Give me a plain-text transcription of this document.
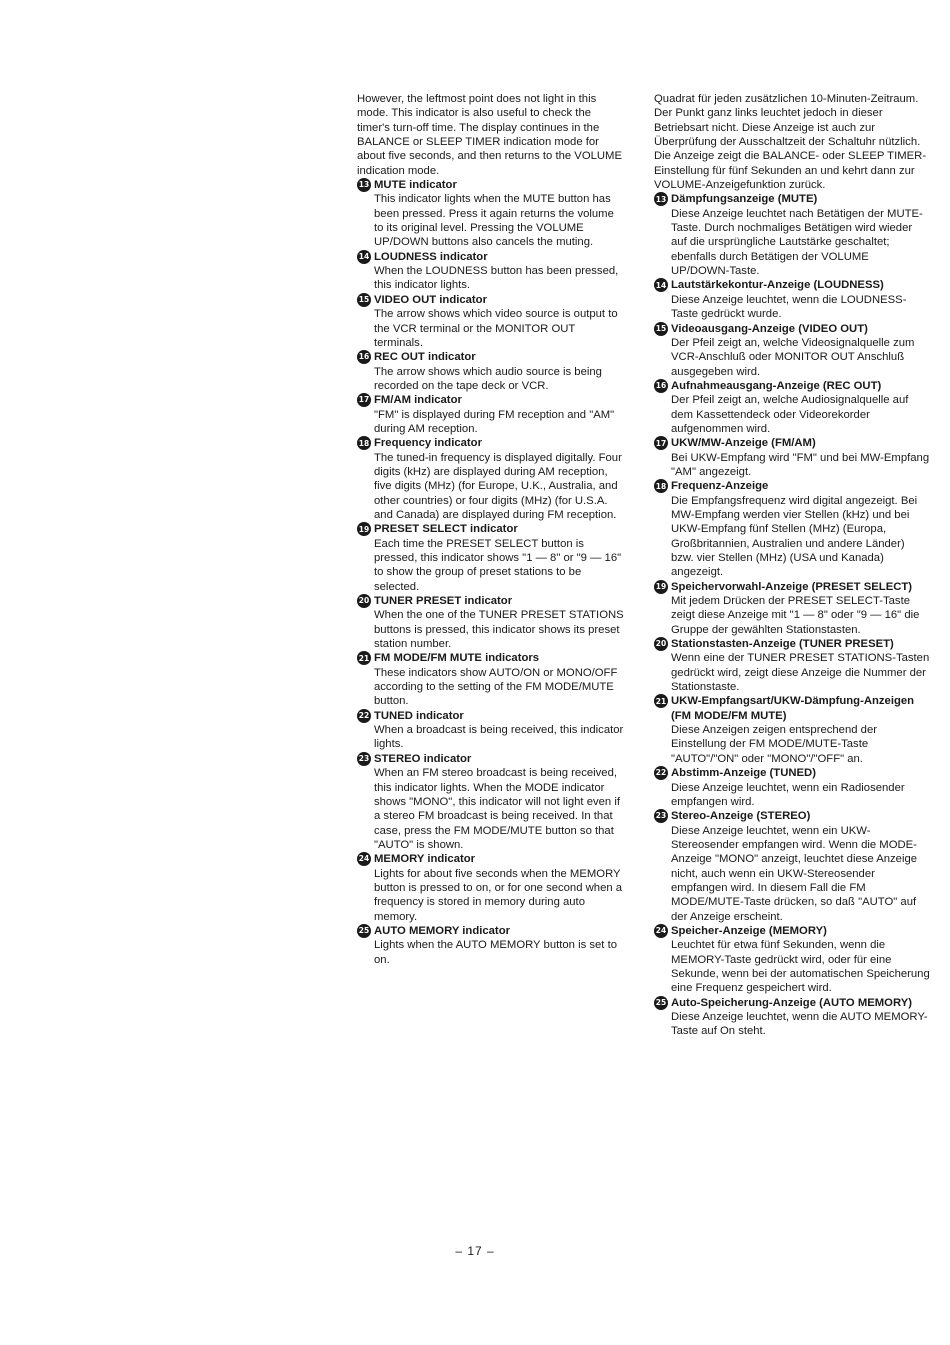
However, the leftmost point does not light in this mode. This indicator is also useful to check the timer's turn-off time. The display continues in the BALANCE or SLEEP TIMER indication mode for about five seconds, and then returns to the VOLUME indication mode.

13 MUTE indicator
This indicator lights when the MUTE button has been pressed. Press it again returns the volume to its original level. Pressing the VOLUME UP/DOWN buttons also cancels the muting.
14 LOUDNESS indicator
When the LOUDNESS button has been pressed, this indicator lights.
15 VIDEO OUT indicator
The arrow shows which video source is output to the VCR terminal or the MONITOR OUT terminals.
16 REC OUT indicator
The arrow shows which audio source is being recorded on the tape deck or VCR.
17 FM/AM indicator
"FM" is displayed during FM reception and "AM" during AM reception.
18 Frequency indicator
The tuned-in frequency is displayed digitally. Four digits (kHz) are displayed during AM reception, five digits (MHz) (for Europe, U.K., Australia, and other countries) or four digits (MHz) (for U.S.A. and Canada) are displayed during FM reception.
19 PRESET SELECT indicator
Each time the PRESET SELECT button is pressed, this indicator shows "1 — 8" or "9 — 16" to show the group of preset stations to be selected.
20 TUNER PRESET indicator
When the one of the TUNER PRESET STATIONS buttons is pressed, this indicator shows its preset station number.
21 FM MODE/FM MUTE indicators
These indicators show AUTO/ON or MONO/OFF according to the setting of the FM MODE/MUTE button.
22 TUNED indicator
When a broadcast is being received, this indicator lights.
23 STEREO indicator
When an FM stereo broadcast is being received, this indicator lights. When the MODE indicator shows "MONO", this indicator will not light even if a stereo FM broadcast is being received. In that case, press the FM MODE/MUTE button so that "AUTO" is shown.
24 MEMORY indicator
Lights for about five seconds when the MEMORY button is pressed to on, or for one second when a frequency is stored in memory during auto memory.
25 AUTO MEMORY indicator
Lights when the AUTO MEMORY button is set to on.

Quadrat für jeden zusätzlichen 10-Minuten-Zeitraum. Der Punkt ganz links leuchtet jedoch in dieser Betriebsart nicht. Diese Anzeige ist auch zur Überprüfung der Ausschaltzeit der Schaltuhr nützlich. Die Anzeige zeigt die BALANCE- oder SLEEP TIMER-Einstellung für fünf Sekunden an und kehrt dann zur VOLUME-Anzeigefunktion zurück.

13 Dämpfungsanzeige (MUTE)
Diese Anzeige leuchtet nach Betätigen der MUTE-Taste. Durch nochmaliges Betätigen wird wieder auf die ursprüngliche Lautstärke geschaltet; ebenfalls durch Betätigen der VOLUME UP/DOWN-Taste.
14 Lautstärkekontur-Anzeige (LOUDNESS)
Diese Anzeige leuchtet, wenn die LOUDNESS-Taste gedrückt wurde.
15 Videoausgang-Anzeige (VIDEO OUT)
Der Pfeil zeigt an, welche Videosignalquelle zum VCR-Anschluß oder MONITOR OUT Anschluß ausgegeben wird.
16 Aufnahmeausgang-Anzeige (REC OUT)
Der Pfeil zeigt an, welche Audiosignalquelle auf dem Kassettendeck oder Videorekorder aufgenommen wird.
17 UKW/MW-Anzeige (FM/AM)
Bei UKW-Empfang wird "FM" und bei MW-Empfang "AM" angezeigt.
18 Frequenz-Anzeige
Die Empfangsfrequenz wird digital angezeigt. Bei MW-Empfang werden vier Stellen (kHz) und bei UKW-Empfang fünf Stellen (MHz) (Europa, Großbritannien, Australien und andere Länder) bzw. vier Stellen (MHz) (USA und Kanada) angezeigt.
19 Speichervorwahl-Anzeige (PRESET SELECT)
Mit jedem Drücken der PRESET SELECT-Taste zeigt diese Anzeige mit "1 — 8" oder "9 — 16" die Gruppe der gewählten Stationstasten.
20 Stationstasten-Anzeige (TUNER PRESET)
Wenn eine der TUNER PRESET STATIONS-Tasten gedrückt wird, zeigt diese Anzeige die Nummer der Stationstaste.
21 UKW-Empfangsart/UKW-Dämpfung-Anzeigen (FM MODE/FM MUTE)
Diese Anzeigen zeigen entsprechend der Einstellung der FM MODE/MUTE-Taste "AUTO"/"ON" oder "MONO"/"OFF" an.
22 Abstimm-Anzeige (TUNED)
Diese Anzeige leuchtet, wenn ein Radiosender empfangen wird.
23 Stereo-Anzeige (STEREO)
Diese Anzeige leuchtet, wenn ein UKW-Stereosender empfangen wird. Wenn die MODE-Anzeige "MONO" anzeigt, leuchtet diese Anzeige nicht, auch wenn ein UKW-Stereosender empfangen wird. In diesem Fall die FM MODE/MUTE-Taste drücken, so daß "AUTO" auf der Anzeige erscheint.
24 Speicher-Anzeige (MEMORY)
Leuchtet für etwa fünf Sekunden, wenn die MEMORY-Taste gedrückt wird, oder für eine Sekunde, wenn bei der automatischen Speicherung eine Frequenz gespeichert wird.
25 Auto-Speicherung-Anzeige (AUTO MEMORY)
Diese Anzeige leuchtet, wenn die AUTO MEMORY-Taste auf On steht.
– 17 –
